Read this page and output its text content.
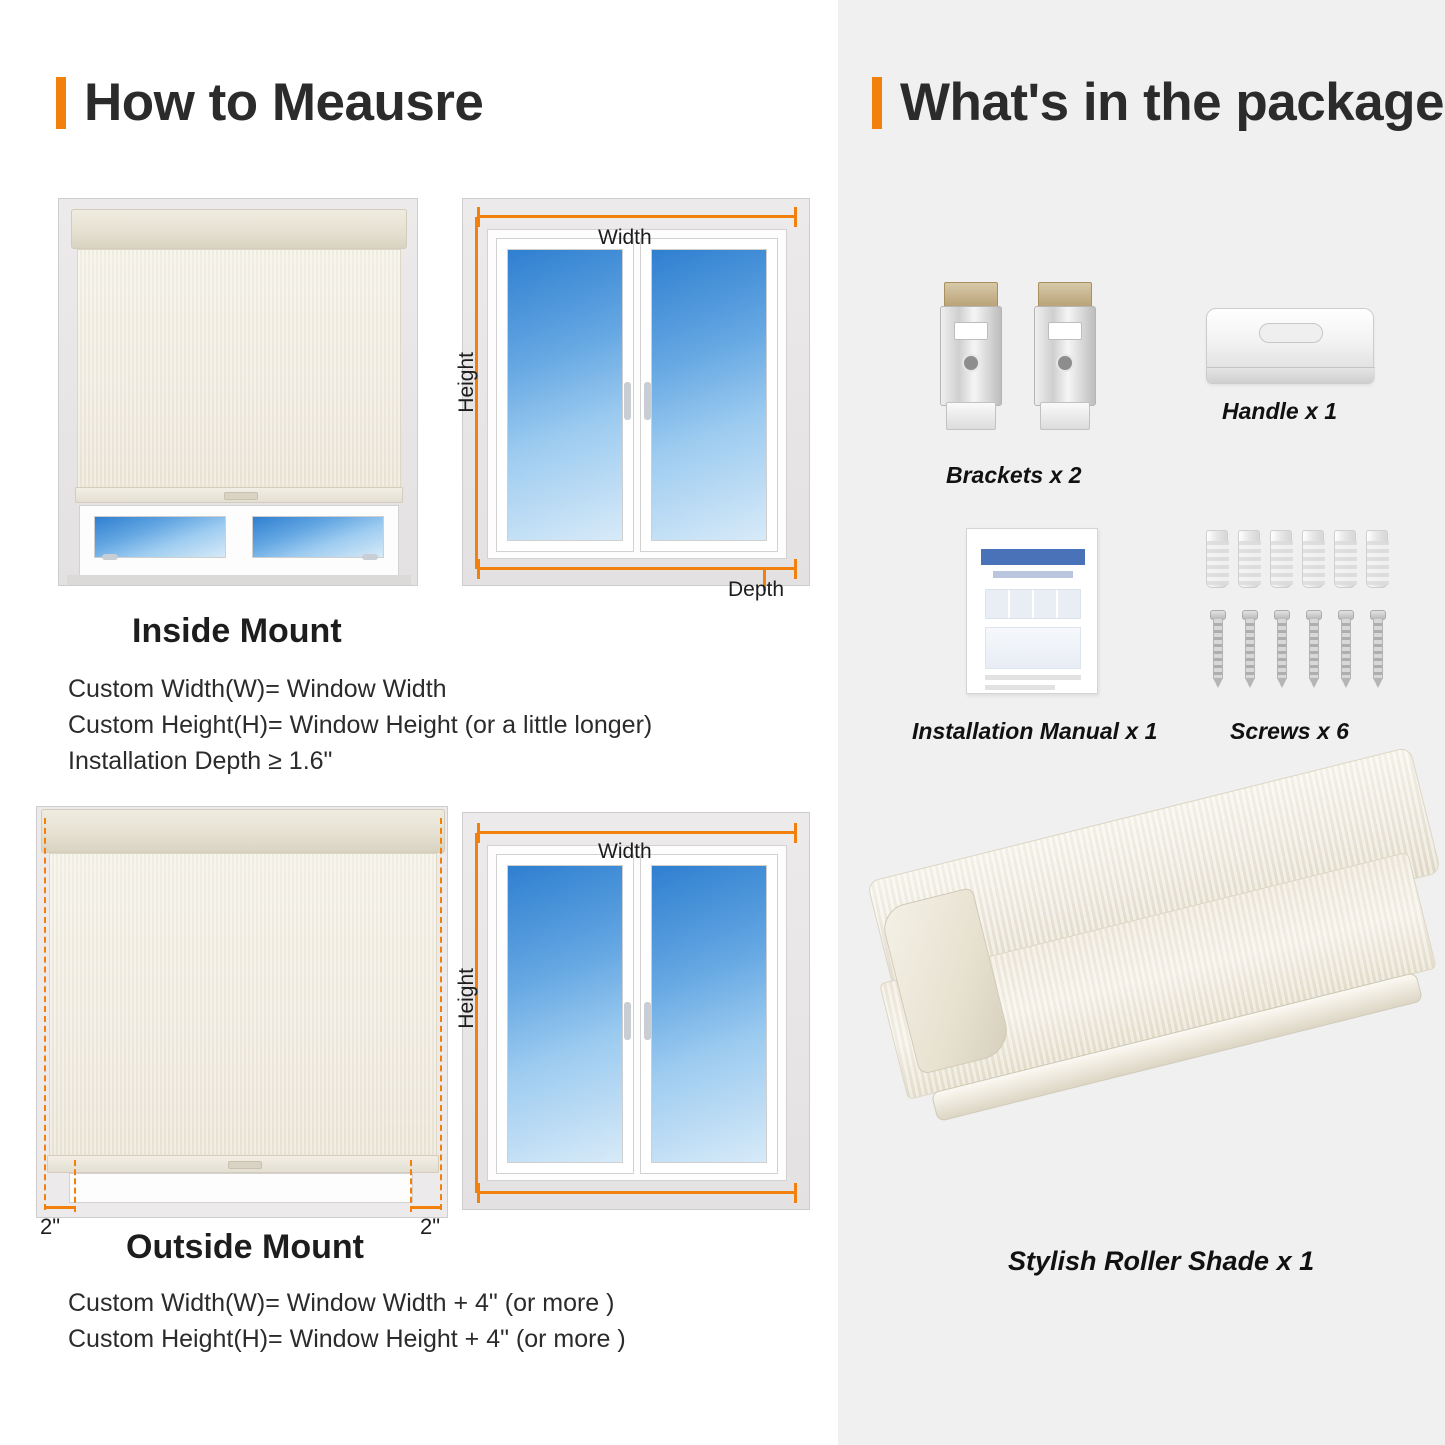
How to Meausre
Width
Height
Depth
Inside Mount
Custom Width(W)= Window Width
Custom Height(H)= Window Height (or a little longer)
Installation Depth ≥ 1.6"
2"	2"
Width
Height
Outside Mount
Custom Width(W)= Window Width + 4" (or more )
Custom Height(H)= Window Height + 4" (or more )
What's in the package
Brackets x 2
Handle x 1
Installation Manual x 1	Screws x 6
Stylish Roller Shade x 1
